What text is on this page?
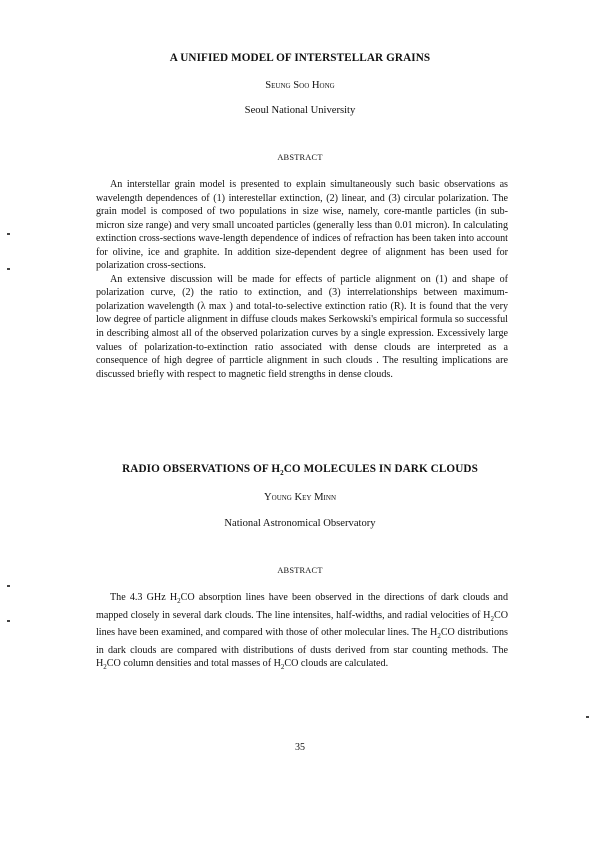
A UNIFIED MODEL OF INTERSTELLAR GRAINS
Seung Soo Hong
Seoul National University
ABSTRACT

An interstellar grain model is presented to explain simultaneously such basic observations as wavelength dependences of (1) interestellar extinction, (2) linear, and (3) circular polarization. The grain model is composed of two populations in size wise, namely, core-mantle particles (in sub-micron size range) and very small uncoated particles (generally less than 0.01 micron). In calculating extinction cross-sections wave-length dependence of indices of refraction has been taken into account for olivine, ice and graphite. In addition size-dependent degree of alignment has been used for polarization cross-sections.

An extensive discussion will be made for effects of particle alignment on (1) and shape of polarization curve, (2) the ratio to extinction, and (3) interrelationships between maximum-polarization wavelength (λ max ) and total-to-selective extinction ratio (R). It is found that the very low degree of particle alignment in diffuse clouds makes Serkowski's empirical formula so successful in describing almost all of the observed polarization curves by a single expression. Excessively large values of polarization-to-extinction ratio associated with dense clouds are interpreted as a consequence of high degree of parrticle alignment in such clouds . The resulting implications are discussed briefly with respect to magnetic field strengths in dense clouds.

RADIO OBSERVATIONS OF $H_2CO$ MOLECULES IN DARK CLOUDS
Young Key Minn
National Astronomical Observatory
ABSTRACT

The 4.3 GHz $H_2CO$ absorption lines have been observed in the directions of dark clouds and mapped closely in several dark clouds. The line intensites, half-widths, and radial velocities of $H_2CO$ lines have been examined, and compared with those of other molecular lines. The $H_2CO$ distributions in dark clouds are compared with distributions of dusts derived from star counting methods. The $H_2CO$ column densities and total masses of $H_2CO$ clouds are calculated.

35
